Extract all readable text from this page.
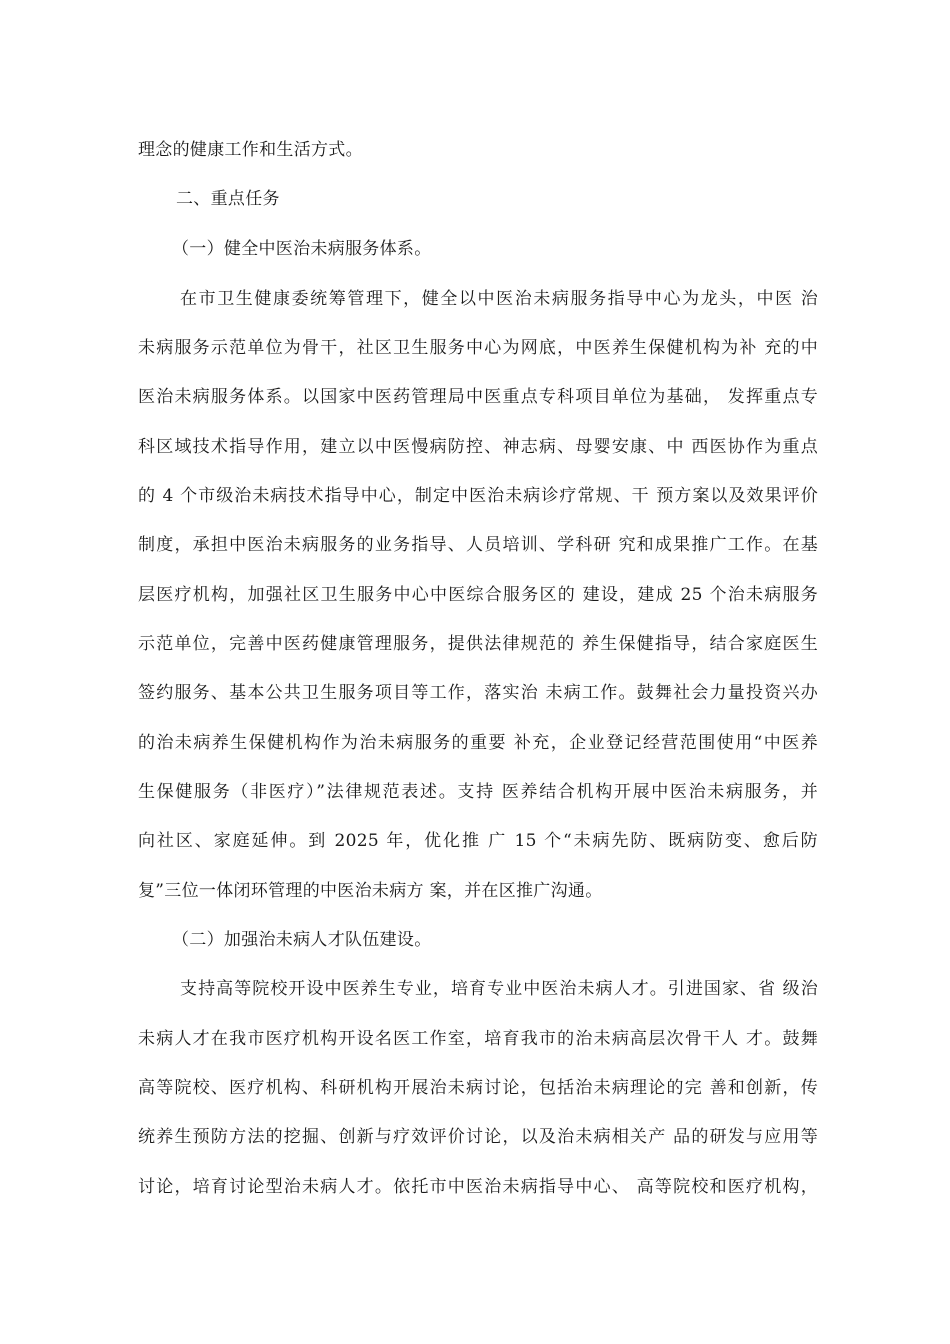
理念的健康工作和生活方式。
二、重点任务
（一）健全中医治未病服务体系。
在市卫生健康委统筹管理下，健全以中医治未病服务指导中心为龙头，中医 治
未病服务示范单位为骨干，社区卫生服务中心为网底，中医养生保健机构为补 充的中
医治未病服务体系。以国家中医药管理局中医重点专科项目单位为基础， 发挥重点专
科区域技术指导作用，建立以中医慢病防控、神志病、母婴安康、中 西医协作为重点
的 4 个市级治未病技术指导中心，制定中医治未病诊疗常规、干 预方案以及效果评价
制度，承担中医治未病服务的业务指导、人员培训、学科研 究和成果推广工作。在基
层医疗机构，加强社区卫生服务中心中医综合服务区的 建设，建成 25 个治未病服务
示范单位，完善中医药健康管理服务，提供法律规范的 养生保健指导，结合家庭医生
签约服务、基本公共卫生服务项目等工作，落实治 未病工作。鼓舞社会力量投资兴办
的治未病养生保健机构作为治未病服务的重要 补充，企业登记经营范围使用“中医养
生保健服务（非医疗）”法律规范表述。支持 医养结合机构开展中医治未病服务，并
向社区、家庭延伸。到 2025 年，优化推 广 15 个“未病先防、既病防变、愈后防
复”三位一体闭环管理的中医治未病方 案，并在区推广沟通。
（二）加强治未病人才队伍建设。
支持高等院校开设中医养生专业，培育专业中医治未病人才。引进国家、省 级治
未病人才在我市医疗机构开设名医工作室，培育我市的治未病高层次骨干人 才。鼓舞
高等院校、医疗机构、科研机构开展治未病讨论，包括治未病理论的完 善和创新，传
统养生预防方法的挖掘、创新与疗效评价讨论，以及治未病相关产 品的研发与应用等
讨论，培育讨论型治未病人才。依托市中医治未病指导中心、 高等院校和医疗机构，
